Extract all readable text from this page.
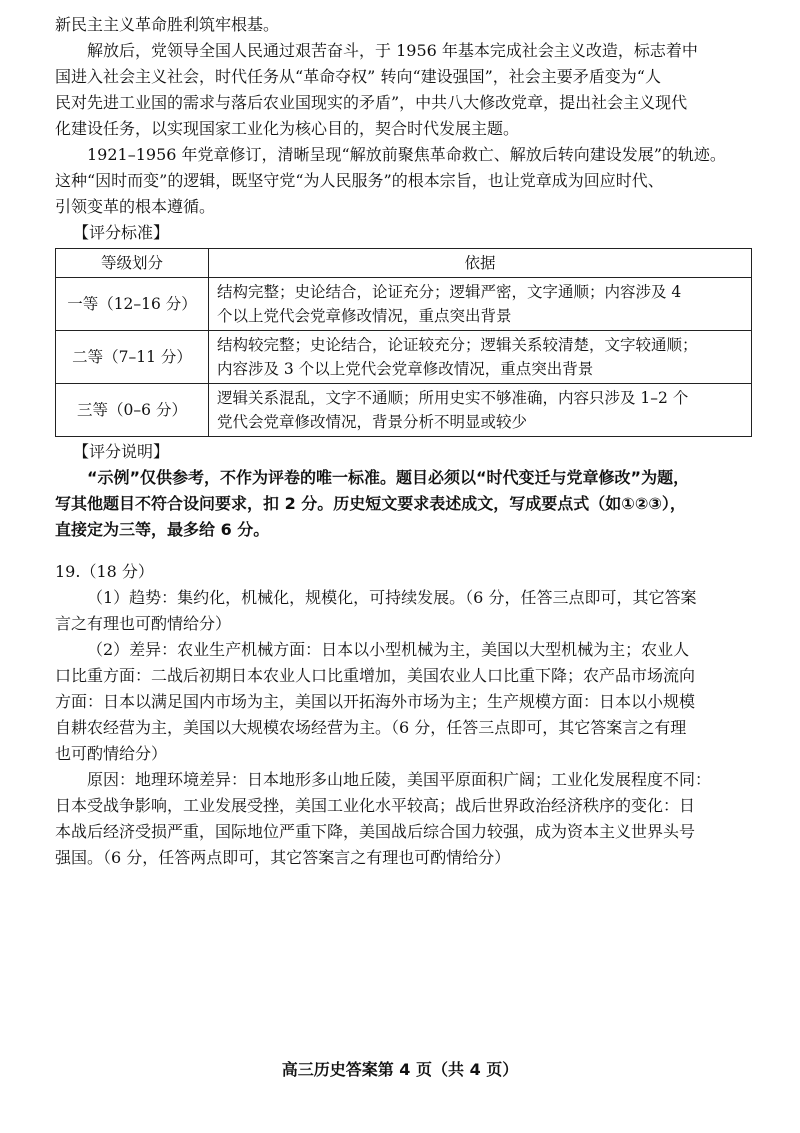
新民主主义革命胜利筑牢根基。
解放后，党领导全国人民通过艰苦奋斗，于 1956 年基本完成社会主义改造，标志着中
国进入社会主义社会，时代任务从“革命夺权” 转向“建设强国”，社会主要矛盾变为“人
民对先进工业国的需求与落后农业国现实的矛盾”，中共八大修改党章，提出社会主义现代
化建设任务，以实现国家工业化为核心目的，契合时代发展主题。
1921–1956 年党章修订，清晰呈现“解放前聚焦革命救亡、解放后转向建设发展”的轨迹。
这种“因时而变”的逻辑，既坚守党“为人民服务”的根本宗旨，也让党章成为回应时代、
引领变革的根本遵循。
【评分标准】
等级划分	依据
一等（12–16 分）	结构完整；史论结合，论证充分；逻辑严密，文字通顺；内容涉及 4
个以上党代会党章修改情况，重点突出背景

二等（7–11 分）	结构较完整；史论结合，论证较充分；逻辑关系较清楚，文字较通顺；
内容涉及 3 个以上党代会党章修改情况，重点突出背景

三等（0–6 分）	逻辑关系混乱，文字不通顺；所用史实不够准确，内容只涉及 1–2 个
党代会党章修改情况，背景分析不明显或较少
【评分说明】
“示例”仅供参考，不作为评卷的唯一标准。题目必须以“时代变迁与党章修改”为题，
写其他题目不符合设问要求，扣 2 分。历史短文要求表述成文，写成要点式（如①②③），
直接定为三等，最多给 6 分。
19.（18 分）
（1）趋势：集约化，机械化，规模化，可持续发展。（6 分，任答三点即可，其它答案
言之有理也可酌情给分）
（2）差异：农业生产机械方面：日本以小型机械为主，美国以大型机械为主；农业人
口比重方面：二战后初期日本农业人口比重增加，美国农业人口比重下降；农产品市场流向
方面：日本以满足国内市场为主，美国以开拓海外市场为主；生产规模方面：日本以小规模
自耕农经营为主，美国以大规模农场经营为主。（6 分，任答三点即可，其它答案言之有理
也可酌情给分）
原因：地理环境差异：日本地形多山地丘陵，美国平原面积广阔；工业化发展程度不同：
日本受战争影响，工业发展受挫，美国工业化水平较高；战后世界政治经济秩序的变化：日
本战后经济受损严重，国际地位严重下降，美国战后综合国力较强，成为资本主义世界头号
强国。（6 分，任答两点即可，其它答案言之有理也可酌情给分）
高三历史答案第 4 页（共 4 页）
